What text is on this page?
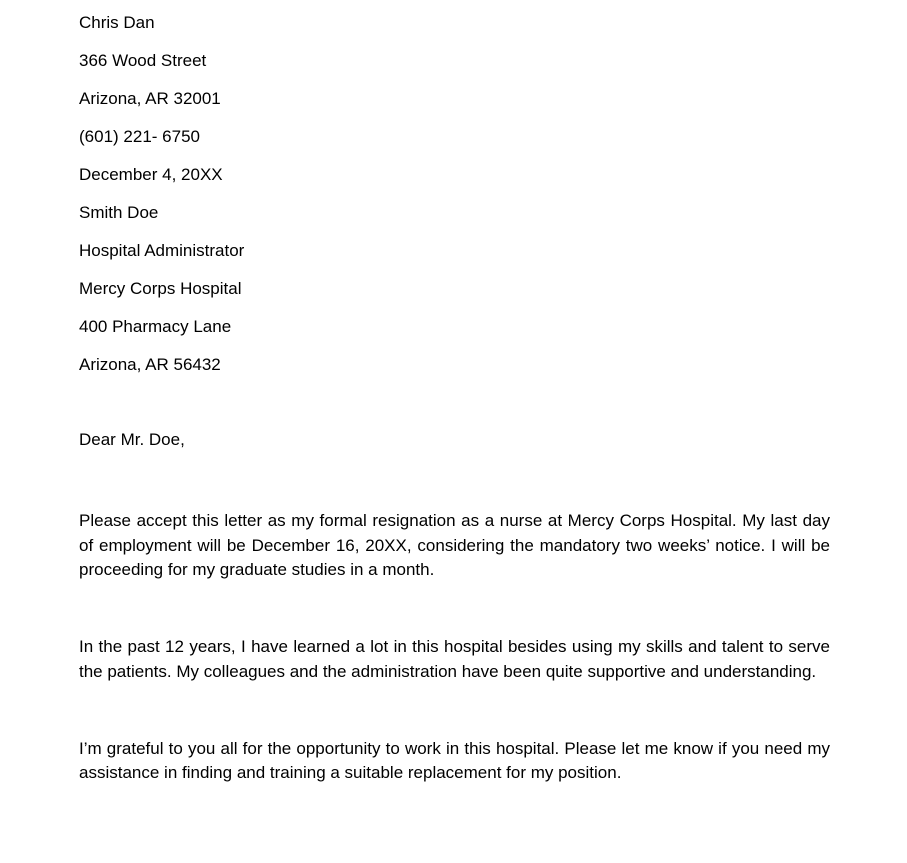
Chris Dan

366 Wood Street

Arizona, AR 32001

(601) 221- 6750

December 4, 20XX

Smith Doe

Hospital Administrator

Mercy Corps Hospital

400 Pharmacy Lane

Arizona, AR 56432

Dear Mr. Doe,

Please accept this letter as my formal resignation as a nurse at Mercy Corps Hospital. My last day of employment will be December 16, 20XX, considering the mandatory two weeks’ notice. I will be proceeding for my graduate studies in a month.

In the past 12 years, I have learned a lot in this hospital besides using my skills and talent to serve the patients. My colleagues and the administration have been quite supportive and understanding.

I’m grateful to you all for the opportunity to work in this hospital. Please let me know if you need my assistance in finding and training a suitable replacement for my position.
